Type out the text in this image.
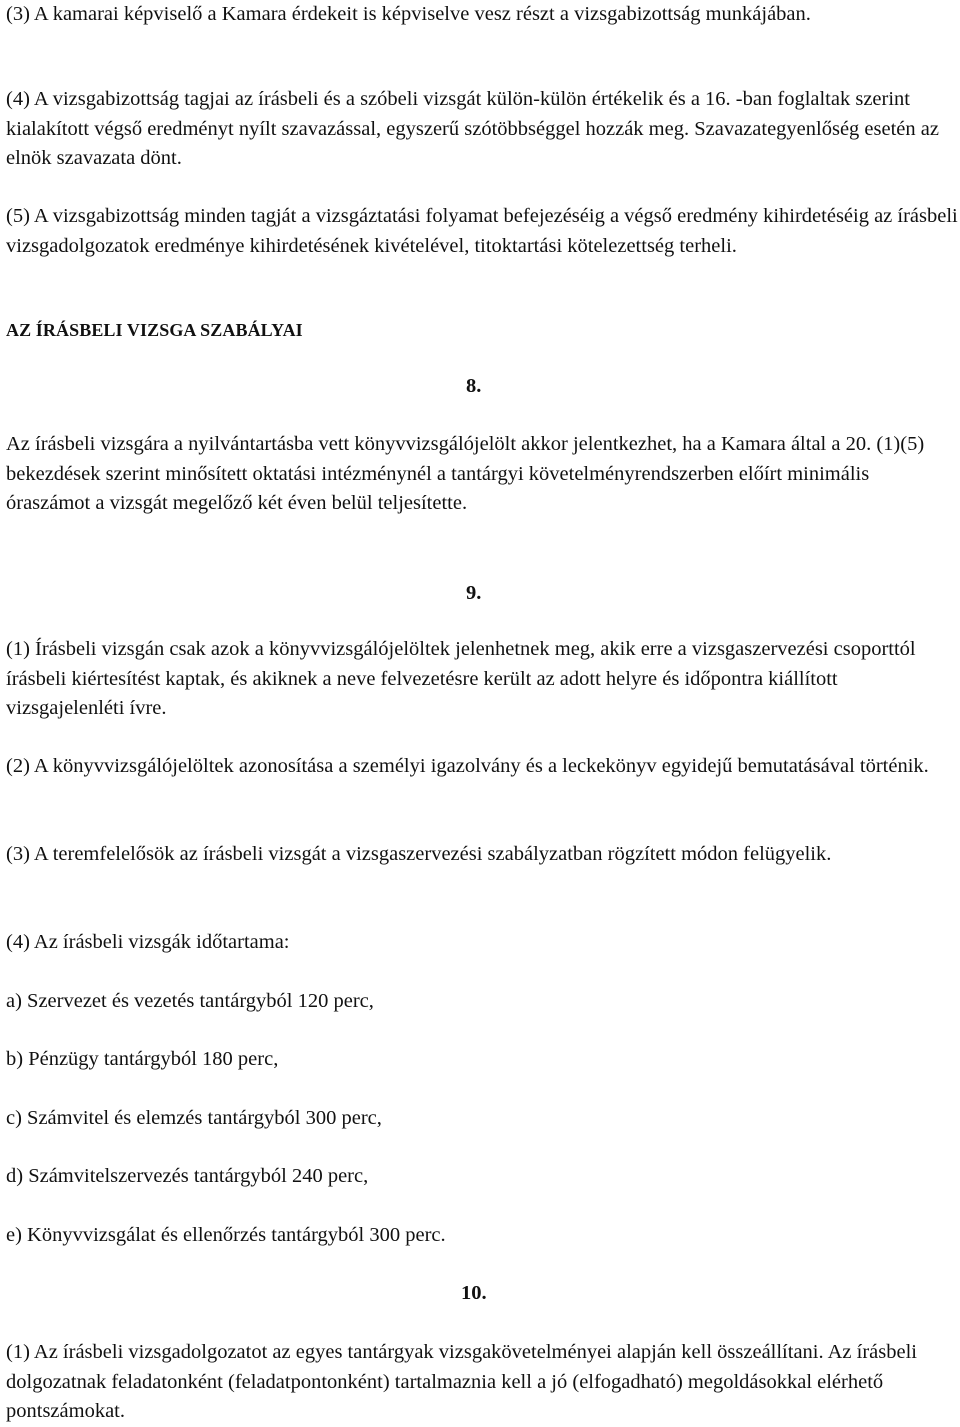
(3) A kamarai képviselő a Kamara érdekeit is képviselve vesz részt a vizsgabizottság munkájában.

(4) A vizsgabizottság tagjai az írásbeli és a szóbeli vizsgát külön-külön értékelik és a 16. -ban foglaltak szerint kialakított végső eredményt nyílt szavazással, egyszerű szótöbbséggel hozzák meg. Szavazategyenlőség esetén az elnök szavazata dönt.

(5) A vizsgabizottság minden tagját a vizsgáztatási folyamat befejezéséig a végső eredmény kihirdetéséig az írásbeli vizsgadolgozatok eredménye kihirdetésének kivételével, titoktartási kötelezettség terheli.

AZ ÍRÁSBELI VIZSGA SZABÁLYAI
8.

Az írásbeli vizsgára a nyilvántartásba vett könyvvizsgálójelölt akkor jelentkezhet, ha a Kamara által a 20. (1)(5) bekezdések szerint minősített oktatási intézménynél a tantárgyi követelményrendszerben előírt minimális óraszámot a vizsgát megelőző két éven belül teljesítette.

9.

(1) Írásbeli vizsgán csak azok a könyvvizsgálójelöltek jelenhetnek meg, akik erre a vizsgaszervezési csoporttól írásbeli kiértesítést kaptak, és akiknek a neve felvezetésre került az adott helyre és időpontra kiállított vizsgajelenléti ívre.

(2) A könyvvizsgálójelöltek azonosítása a személyi igazolvány és a leckekönyv egyidejű bemutatásával történik.

(3) A teremfelelősök az írásbeli vizsgát a vizsgaszervezési szabályzatban rögzített módon felügyelik.

(4) Az írásbeli vizsgák időtartama:

a) Szervezet és vezetés tantárgyból 120 perc,

b) Pénzügy tantárgyból 180 perc,

c) Számvitel és elemzés tantárgyból 300 perc,

d) Számvitelszervezés tantárgyból 240 perc,

e) Könyvvizsgálat és ellenőrzés tantárgyból 300 perc.

10.

(1) Az írásbeli vizsgadolgozatot az egyes tantárgyak vizsgakövetelményei alapján kell összeállítani. Az írásbeli dolgozatnak feladatonként (feladatpontonként) tartalmaznia kell a jó (elfogadható) megoldásokkal elérhető pontszámokat.
